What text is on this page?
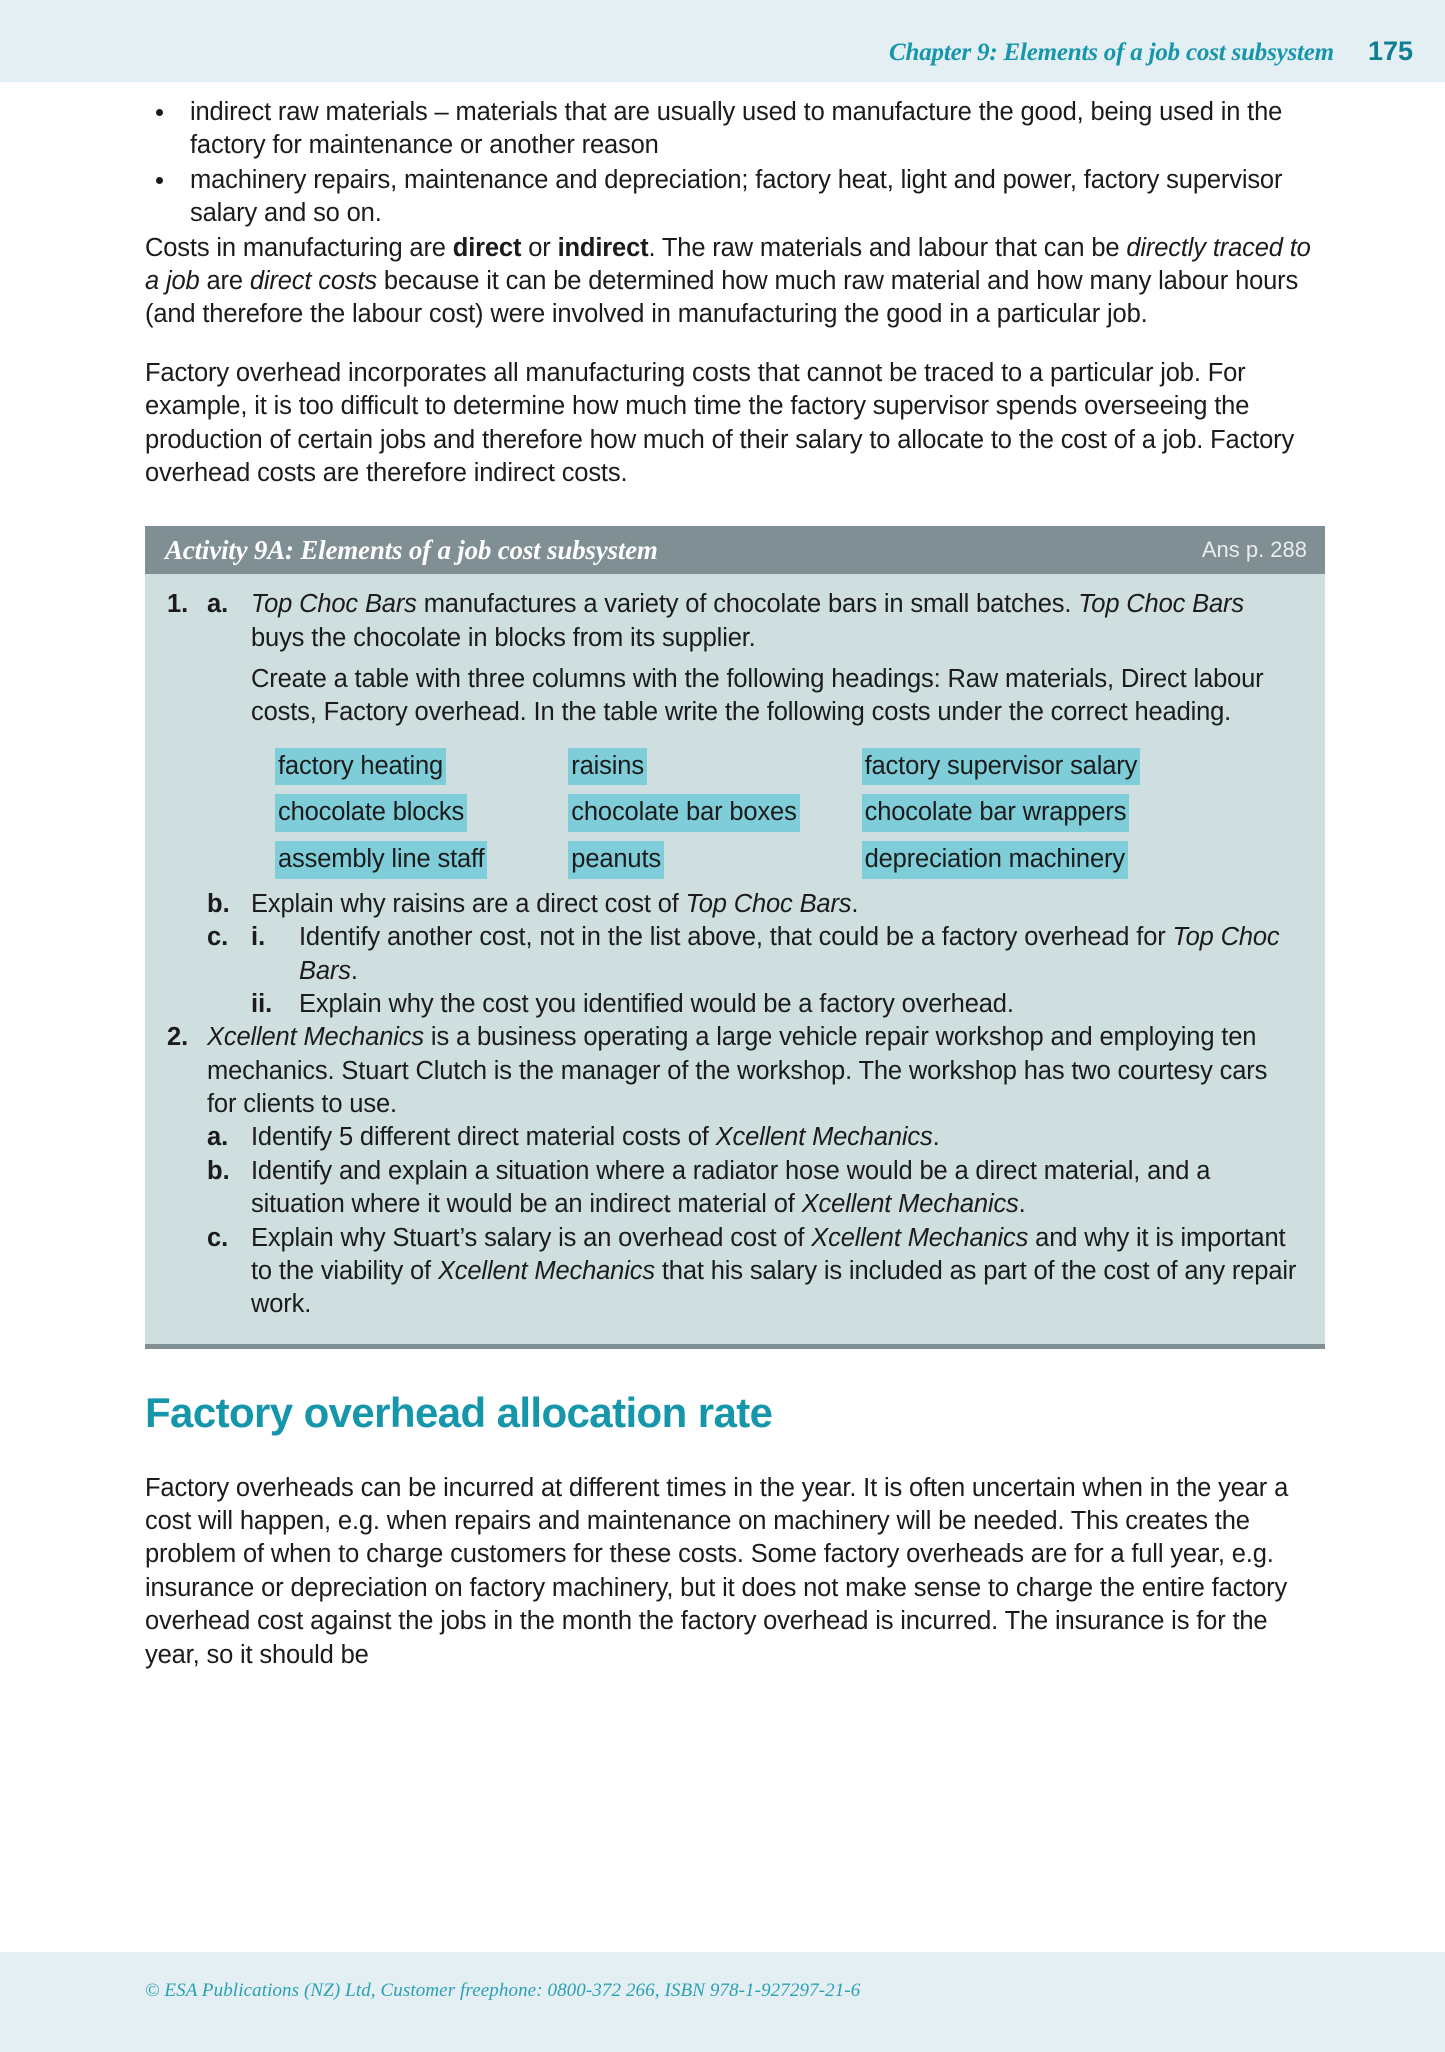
Chapter 9: Elements of a job cost subsystem 175
indirect raw materials – materials that are usually used to manufacture the good, being used in the factory for maintenance or another reason
machinery repairs, maintenance and depreciation; factory heat, light and power, factory supervisor salary and so on.

Costs in manufacturing are direct or indirect. The raw materials and labour that can be directly traced to a job are direct costs because it can be determined how much raw material and how many labour hours (and therefore the labour cost) were involved in manufacturing the good in a particular job.

Factory overhead incorporates all manufacturing costs that cannot be traced to a particular job. For example, it is too difficult to determine how much time the factory supervisor spends overseeing the production of certain jobs and therefore how much of their salary to allocate to the cost of a job. Factory overhead costs are therefore indirect costs.

Activity 9A: Elements of a job cost subsystem	Ans p. 288
1. a. Top Choc Bars manufactures a variety of chocolate bars in small batches. Top Choc Bars buys the chocolate in blocks from its supplier.
Create a table with three columns with the following headings: Raw materials, Direct labour costs, Factory overhead. In the table write the following costs under the correct heading.
factory heating	raisins	factory supervisor salary
chocolate blocks	chocolate bar boxes	chocolate bar wrappers
assembly line staff	peanuts	depreciation machinery
b. Explain why raisins are a direct cost of Top Choc Bars.
c. i.	Identify another cost, not in the list above, that could be a factory overhead for Top Choc Bars.
ii.	Explain why the cost you identified would be a factory overhead.
2. Xcellent Mechanics is a business operating a large vehicle repair workshop and employing ten mechanics. Stuart Clutch is the manager of the workshop. The workshop has two courtesy cars for clients to use.
a. Identify 5 different direct material costs of Xcellent Mechanics.
b. Identify and explain a situation where a radiator hose would be a direct material, and a situation where it would be an indirect material of Xcellent Mechanics.
c. Explain why Stuart’s salary is an overhead cost of Xcellent Mechanics and why it is important to the viability of Xcellent Mechanics that his salary is included as part of the cost of any repair work.
Factory overhead allocation rate

Factory overheads can be incurred at different times in the year. It is often uncertain when in the year a cost will happen, e.g. when repairs and maintenance on machinery will be needed. This creates the problem of when to charge customers for these costs. Some factory overheads are for a full year, e.g. insurance or depreciation on factory machinery, but it does not make sense to charge the entire factory overhead cost against the jobs in the month the factory overhead is incurred. The insurance is for the year, so it should be

© ESA Publications (NZ) Ltd, Customer freephone: 0800-372 266, ISBN 978-1-927297-21-6
